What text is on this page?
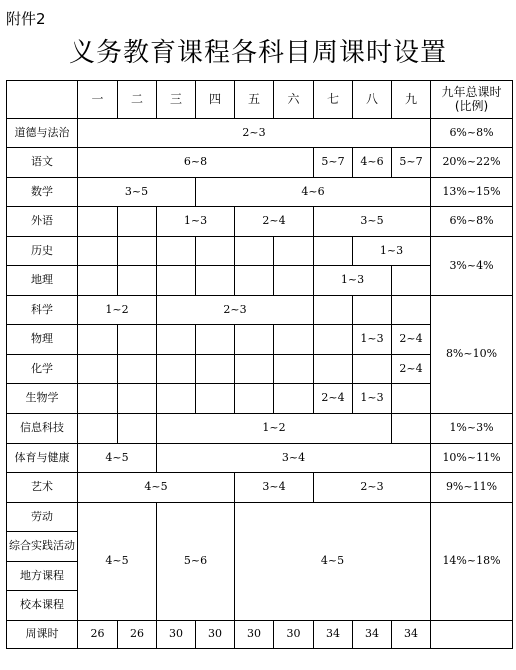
附件2
义务教育课程各科目周课时设置
	一	二	三	四	五	六	七	八	九	九年总课时
(比例)
道德与法治	2~3									6%~8%
语文	6~8						5~7	4~6	5~7	20%~22%
数学	3~5			4~6						13%~15%
外语			1~3		2~4		3~5			6%~8%
历史								1~3		3%~4%
地理							1~3			
科学	1~2		2~3							8%~10%
物理								1~3	2~4	
化学									2~4	
生物学							2~4	1~3		
信息科技			1~2							1%~3%
体育与健康	4~5		3~4							10%~11%
艺术	4~5				3~4		2~3			9%~11%
劳动	4~5		5~6		4~5					14%~18%
综合实践活动										
地方课程										
校本课程										
周课时	26	26	30	30	30	30	34	34	34	
